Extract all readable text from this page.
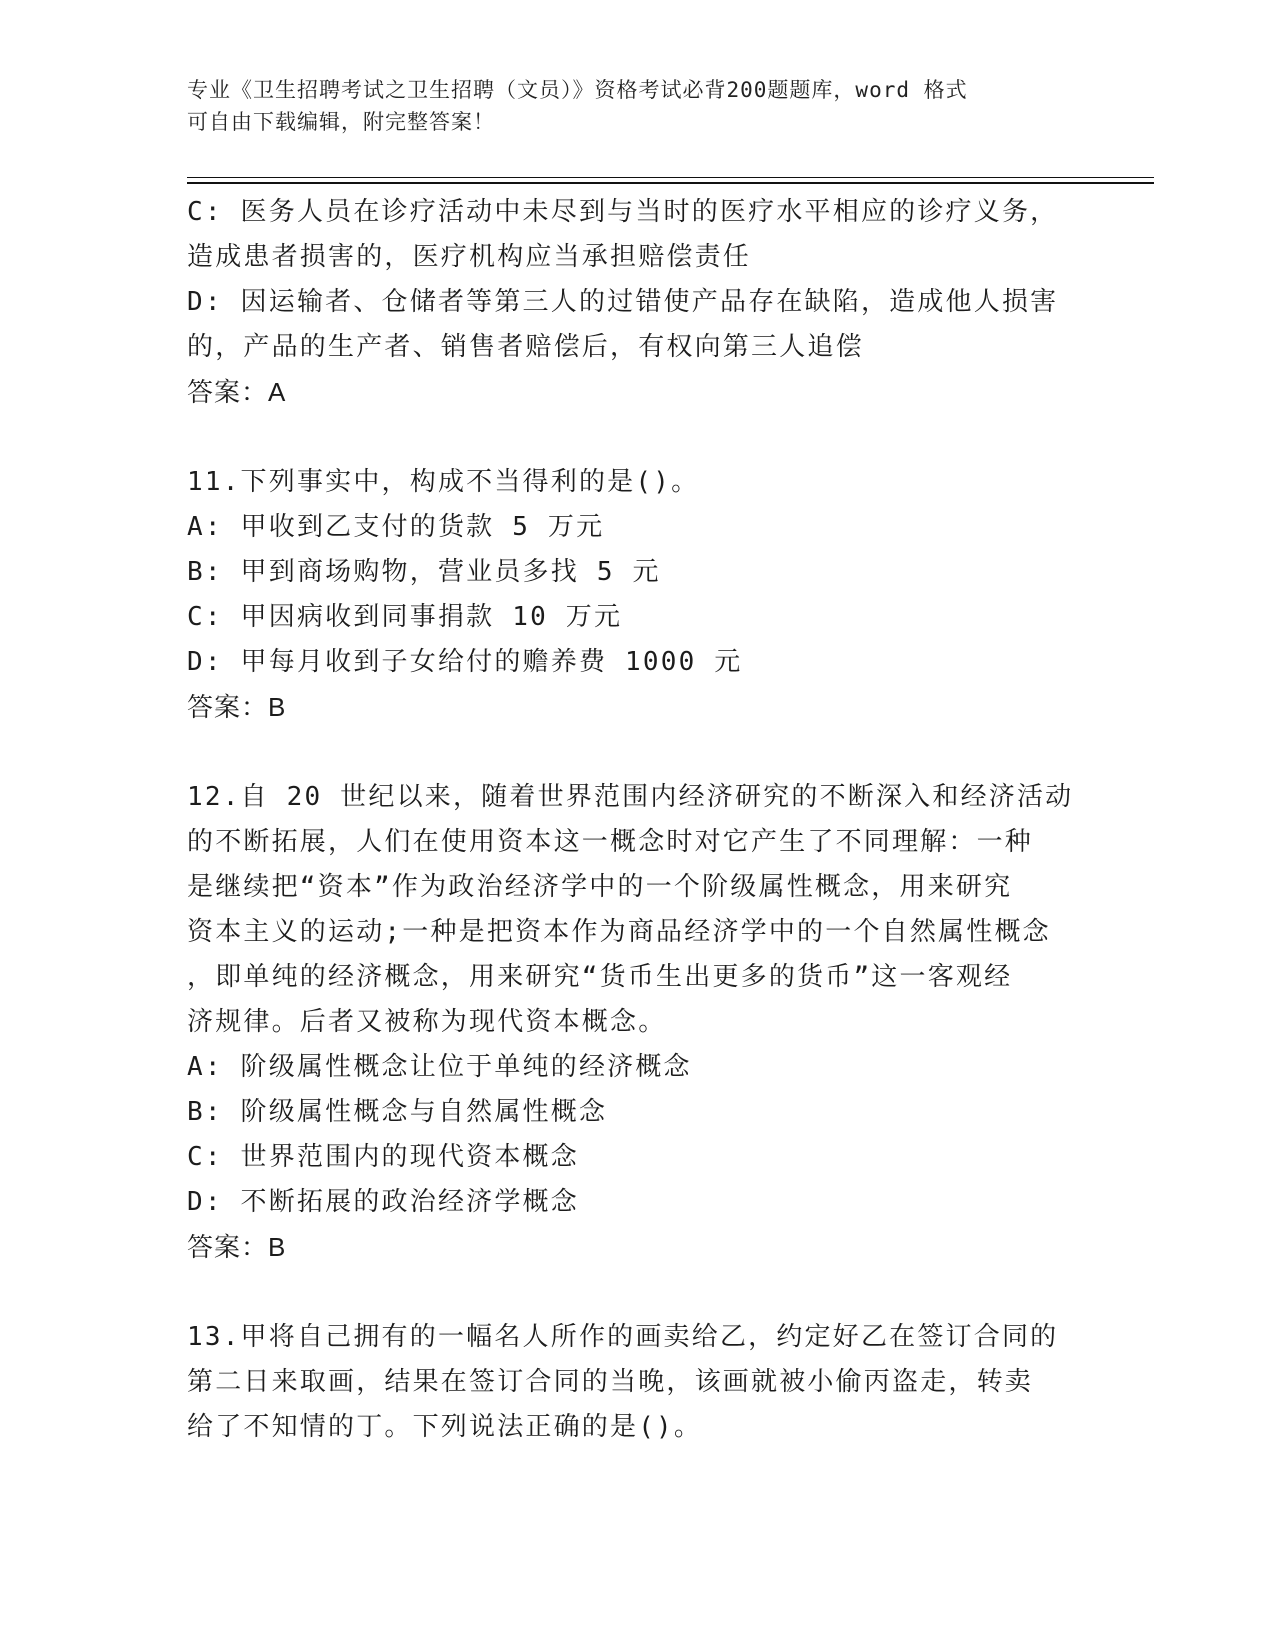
专业《卫生招聘考试之卫生招聘（文员）》资格考试必背200题题库，word 格式
可自由下载编辑，附完整答案！
C: 医务人员在诊疗活动中未尽到与当时的医疗水平相应的诊疗义务，
造成患者损害的，医疗机构应当承担赔偿责任
D: 因运输者、仓储者等第三人的过错使产品存在缺陷，造成他人损害
的，产品的生产者、销售者赔偿后，有权向第三人追偿
答案：A
11.下列事实中，构成不当得利的是()。
A: 甲收到乙支付的货款 5 万元
B: 甲到商场购物，营业员多找 5 元
C: 甲因病收到同事捐款 10 万元
D: 甲每月收到子女给付的赡养费 1000 元
答案：B
12.自 20 世纪以来，随着世界范围内经济研究的不断深入和经济活动
的不断拓展，人们在使用资本这一概念时对它产生了不同理解：一种
是继续把“资本”作为政治经济学中的一个阶级属性概念，用来研究
资本主义的运动;一种是把资本作为商品经济学中的一个自然属性概念
，即单纯的经济概念，用来研究“货币生出更多的货币”这一客观经
济规律。后者又被称为现代资本概念。
A: 阶级属性概念让位于单纯的经济概念
B: 阶级属性概念与自然属性概念
C: 世界范围内的现代资本概念
D: 不断拓展的政治经济学概念
答案：B
13.甲将自己拥有的一幅名人所作的画卖给乙，约定好乙在签订合同的
第二日来取画，结果在签订合同的当晚，该画就被小偷丙盗走，转卖
给了不知情的丁。下列说法正确的是()。
